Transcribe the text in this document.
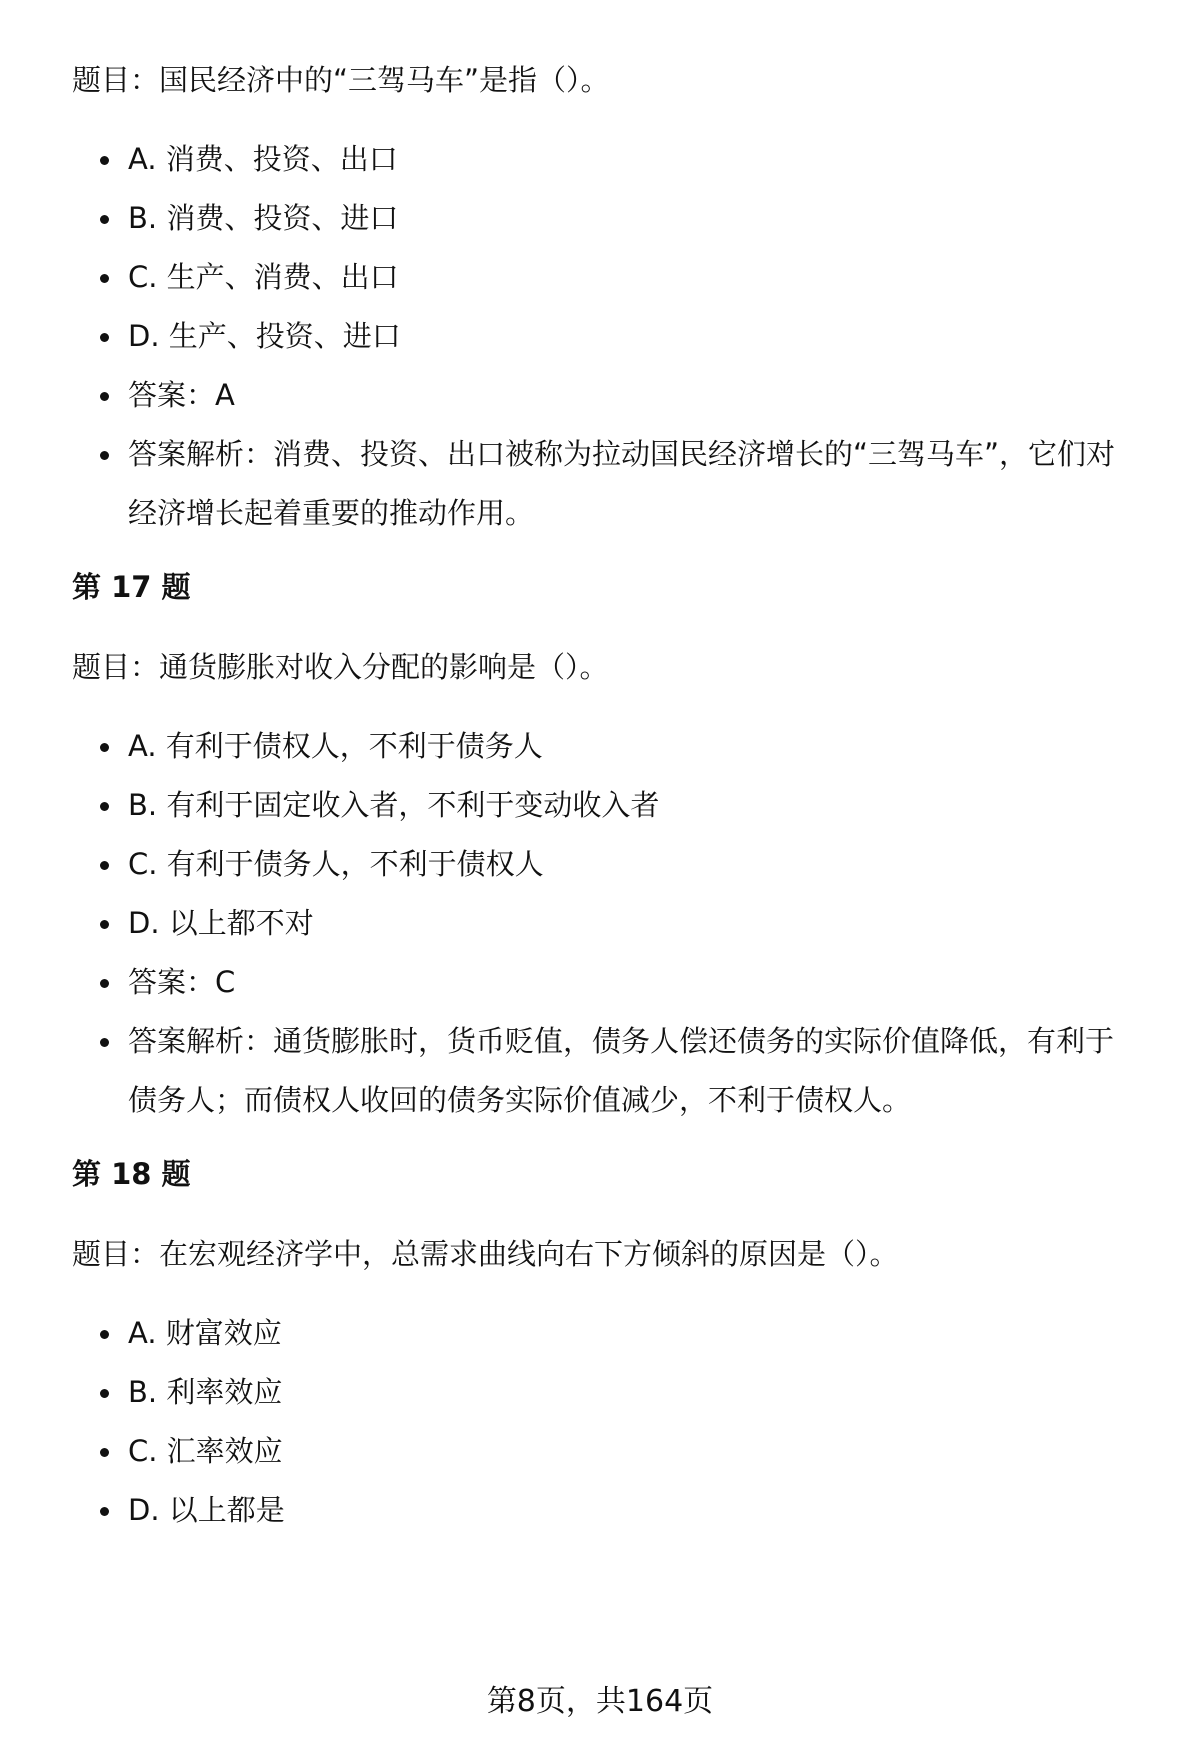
题目：国民经济中的“三驾马车”是指（）。

A. 消费、投资、出口
B. 消费、投资、进口
C. 生产、消费、出口
D. 生产、投资、进口
答案：A
答案解析：消费、投资、出口被称为拉动国民经济增长的“三驾马车”，它们对经济增长起着重要的推动作用。

第 17 题

题目：通货膨胀对收入分配的影响是（）。

A. 有利于债权人，不利于债务人
B. 有利于固定收入者，不利于变动收入者
C. 有利于债务人，不利于债权人
D. 以上都不对
答案：C
答案解析：通货膨胀时，货币贬值，债务人偿还债务的实际价值降低，有利于债务人；而债权人收回的债务实际价值减少，不利于债权人。

第 18 题

题目：在宏观经济学中，总需求曲线向右下方倾斜的原因是（）。

A. 财富效应
B. 利率效应
C. 汇率效应
D. 以上都是
第8页，共164页
